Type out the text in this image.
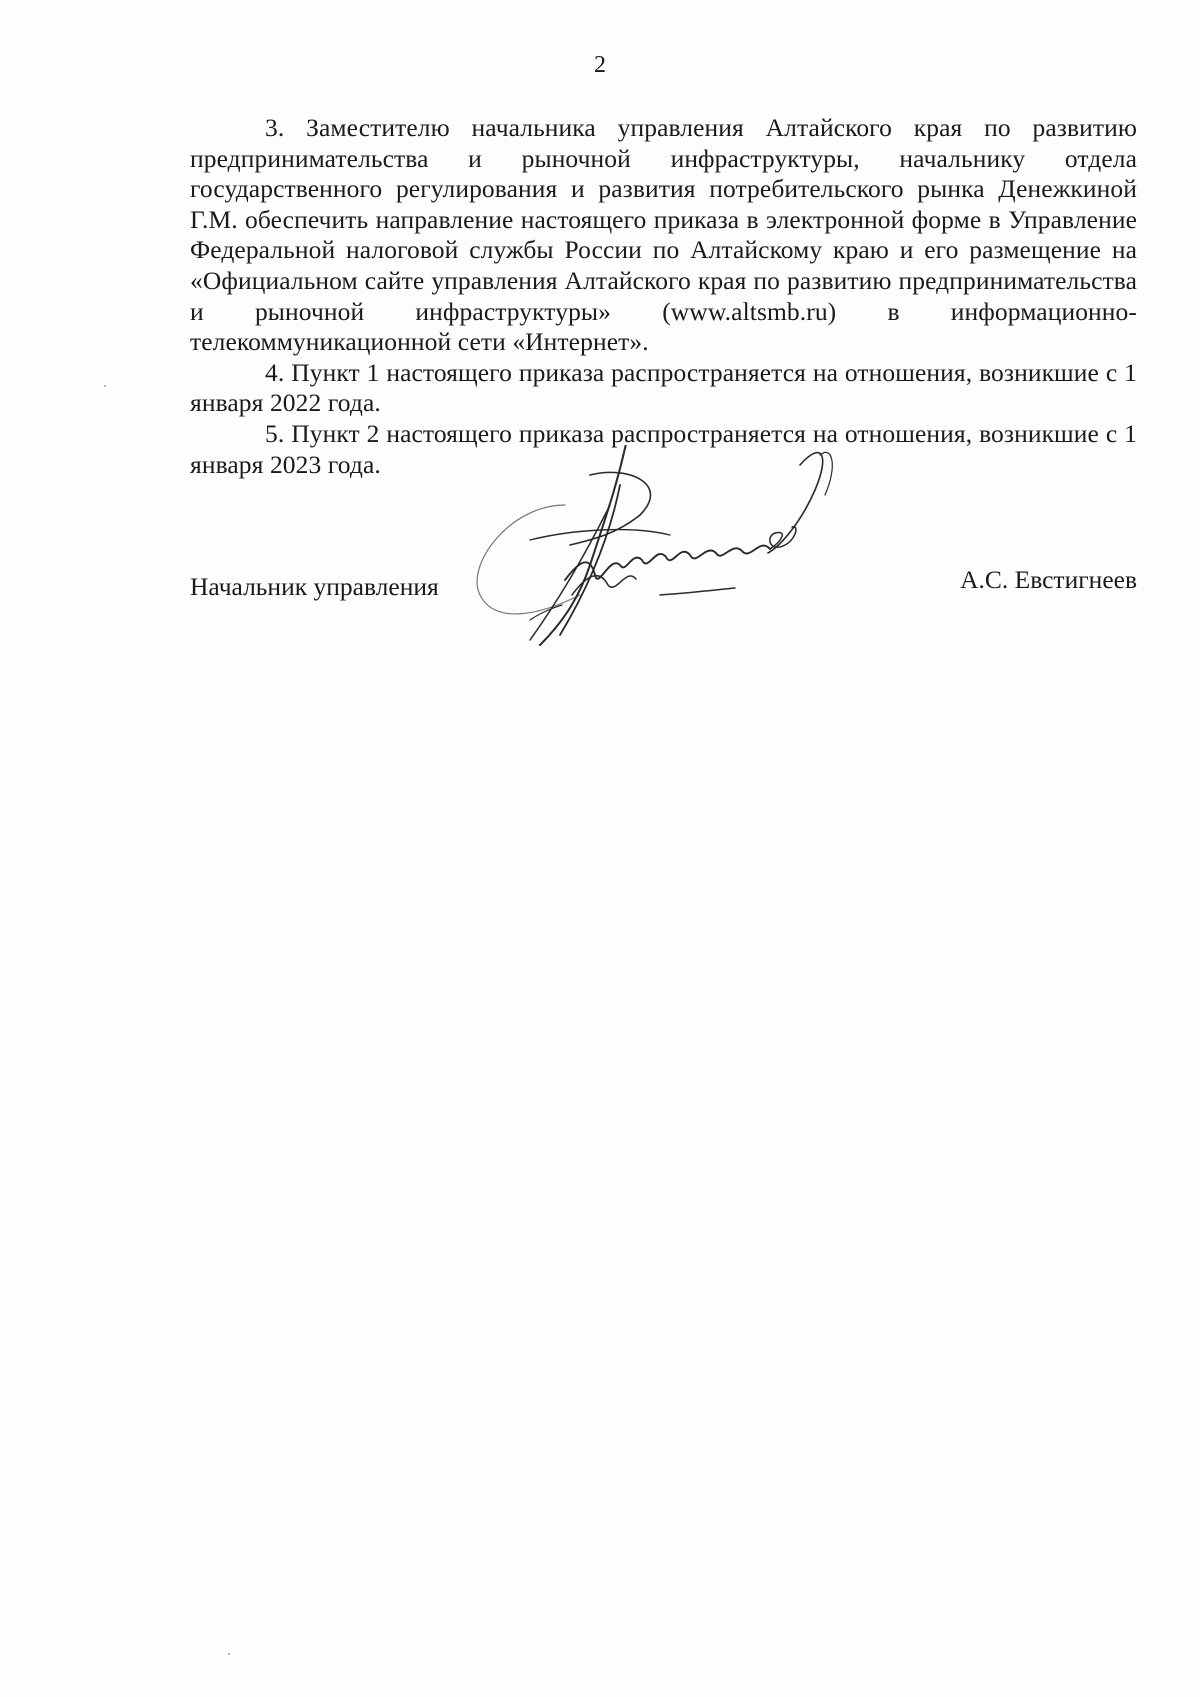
2

3. Заместителю начальника управления Алтайского края по развитию предпринимательства и рыночной инфраструктуры, начальнику отдела государственного регулирования и развития потребительского рынка Денежкиной Г.М. обеспечить направление настоящего приказа в электронной форме в Управление Федеральной налоговой службы России по Алтайскому краю и его размещение на «Официальном сайте управления Алтайского края по развитию предпринимательства и рыночной инфраструктуры» (www.altsmb.ru) в информационно-телекоммуникационной сети «Интернет».

4. Пункт 1 настоящего приказа распространяется на отношения, возникшие с 1 января 2022 года.

5. Пункт 2 настоящего приказа распространяется на отношения, возникшие с 1 января 2023 года.

Начальник управления	А.С. Евстигнеев
